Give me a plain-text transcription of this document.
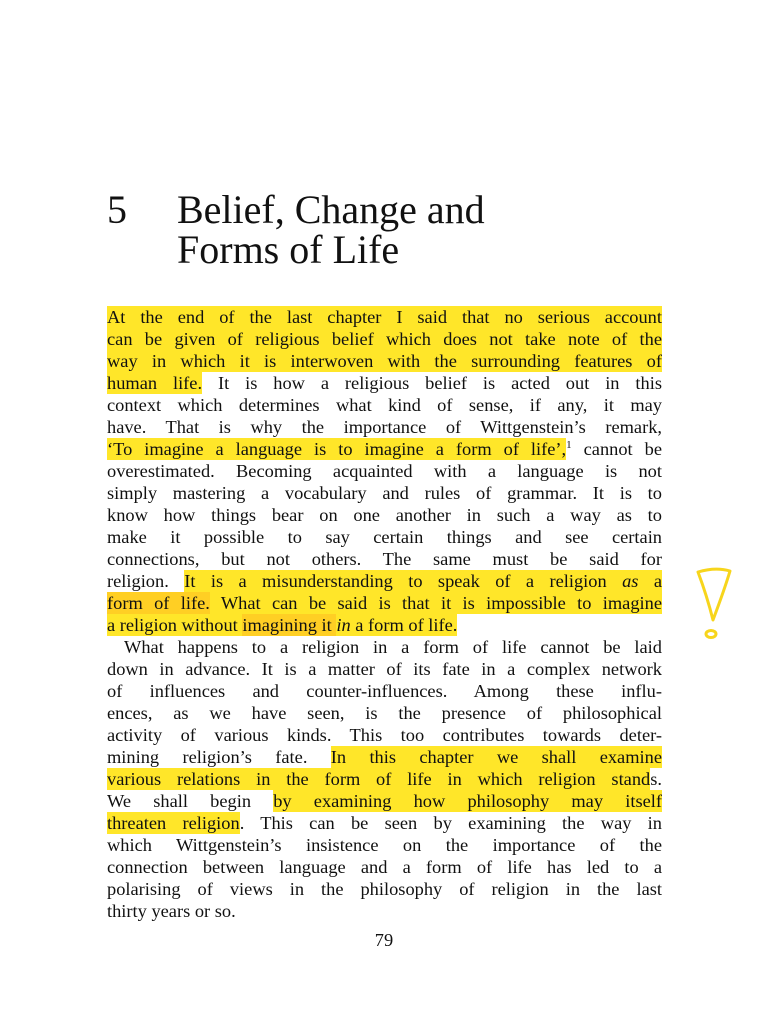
5 Belief, Change and
Forms of Life
At the end of the last chapter I said that no serious account
can be given of religious belief which does not take note of the
way in which it is interwoven with the surrounding features of
human life. It is how a religious belief is acted out in this
context which determines what kind of sense, if any, it may
have. That is why the importance of Wittgenstein’s remark,
‘To imagine a language is to imagine a form of life’,$^1$ cannot be
overestimated. Becoming acquainted with a language is not
simply mastering a vocabulary and rules of grammar. It is to
know how things bear on one another in such a way as to
make it possible to say certain things and see certain
connections, but not others. The same must be said for
religion. It is a misunderstanding to speak of a religion as a
form of life. What can be said is that it is impossible to imagine
a religion without imagining it in a form of life.
What happens to a religion in a form of life cannot be laid
down in advance. It is a matter of its fate in a complex network
of influences and counter-influences. Among these influ-
ences, as we have seen, is the presence of philosophical
activity of various kinds. This too contributes towards deter-
mining religion’s fate. In this chapter we shall examine
various relations in the form of life in which religion stands.
We shall begin by examining how philosophy may itself
threaten religion. This can be seen by examining the way in
which Wittgenstein’s insistence on the importance of the
connection between language and a form of life has led to a
polarising of views in the philosophy of religion in the last
thirty years or so.
79
